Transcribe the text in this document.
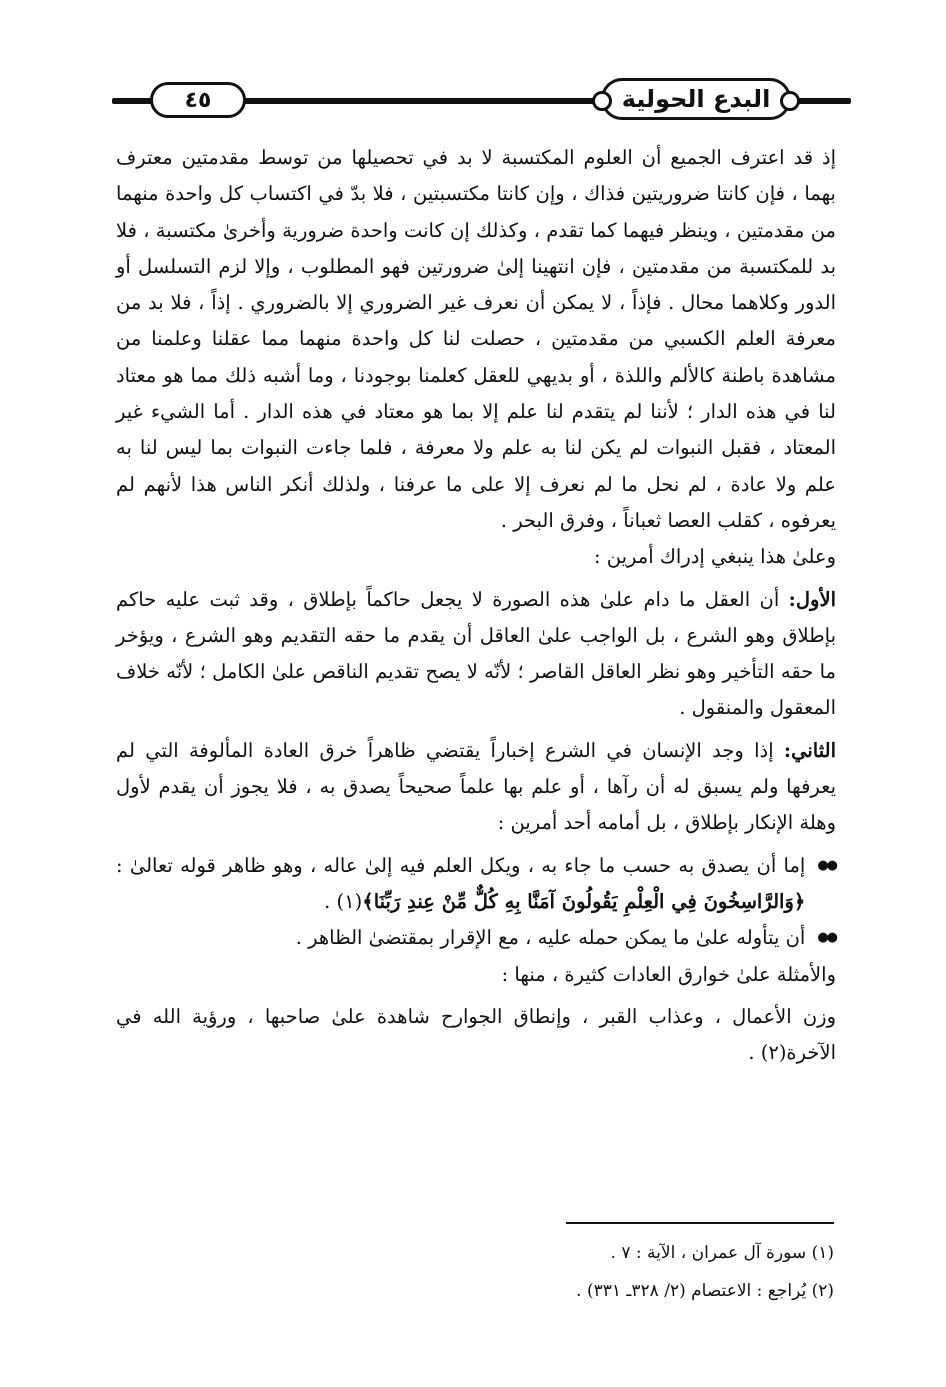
البدع الحولية
٤٥

إذ قد اعترف الجميع أن العلوم المكتسبة لا بد في تحصيلها من توسط مقدمتين معترف بهما ، فإن كانتا ضروريتين فذاك ، وإن كانتا مكتسبتين ، فلا بدّ في اكتساب كل واحدة منهما من مقدمتين ، وينظر فيهما كما تقدم ، وكذلك إن كانت واحدة ضرورية وأخرىٰ مكتسبة ، فلا بد للمكتسبة من مقدمتين ، فإن انتهينا إلىٰ ضرورتين فهو المطلوب ، وإلا لزم التسلسل أو الدور وكلاهما محال . فإذاً ، لا يمكن أن نعرف غير الضروري إلا بالضروري . إذاً ، فلا بد من معرفة العلم الكسبي من مقدمتين ، حصلت لنا كل واحدة منهما مما عقلنا وعلمنا من مشاهدة باطنة كالألم واللذة ، أو بديهي للعقل كعلمنا بوجودنا ، وما أشبه ذلك مما هو معتاد لنا في هذه الدار ؛ لأننا لم يتقدم لنا علم إلا بما هو معتاد في هذه الدار . أما الشيء غير المعتاد ، فقبل النبوات لم يكن لنا به علم ولا معرفة ، فلما جاءت النبوات بما ليس لنا به علم ولا عادة ، لم نحل ما لم نعرف إلا على ما عرفنا ، ولذلك أنكر الناس هذا لأنهم لم يعرفوه ، كقلب العصا ثعباناً ، وفرق البحر .

وعلىٰ هذا ينبغي إدراك أمرين :

الأول: أن العقل ما دام علىٰ هذه الصورة لا يجعل حاكماً بإطلاق ، وقد ثبت عليه حاكم بإطلاق وهو الشرع ، بل الواجب علىٰ العاقل أن يقدم ما حقه التقديم وهو الشرع ، ويؤخر ما حقه التأخير وهو نظر العاقل القاصر ؛ لأنّه لا يصح تقديم الناقص علىٰ الكامل ؛ لأنّه خلاف المعقول والمنقول .

الثاني: إذا وجد الإنسان في الشرع إخباراً يقتضي ظاهراً خرق العادة المألوفة التي لم يعرفها ولم يسبق له أن رآها ، أو علم بها علماً صحيحاً يصدق به ، فلا يجوز أن يقدم لأول وهلة الإنكار بإطلاق ، بل أمامه أحد أمرين :

●●
إما أن يصدق به حسب ما جاء به ، ويكل العلم فيه إلىٰ عاله ، وهو ظاهر قوله تعالىٰ : ﴿وَالرَّاسِخُونَ فِي الْعِلْمِ يَقُولُونَ آمَنَّا بِهِ كُلٌّ مِّنْ عِندِ رَبِّنَا﴾(١) .
●●
أن يتأوله علىٰ ما يمكن حمله عليه ، مع الإقرار بمقتضىٰ الظاهر .

والأمثلة علىٰ خوارق العادات كثيرة ، منها :

وزن الأعمال ، وعذاب القبر ، وإنطاق الجوارح شاهدة علىٰ صاحبها ، ورؤية الله في الآخرة(٢) .

(١) سورة آل عمران ، الآية : ٧ .

(٢) يُراجع : الاعتصام (٢/ ٣٢٨ـ ٣٣١) .
